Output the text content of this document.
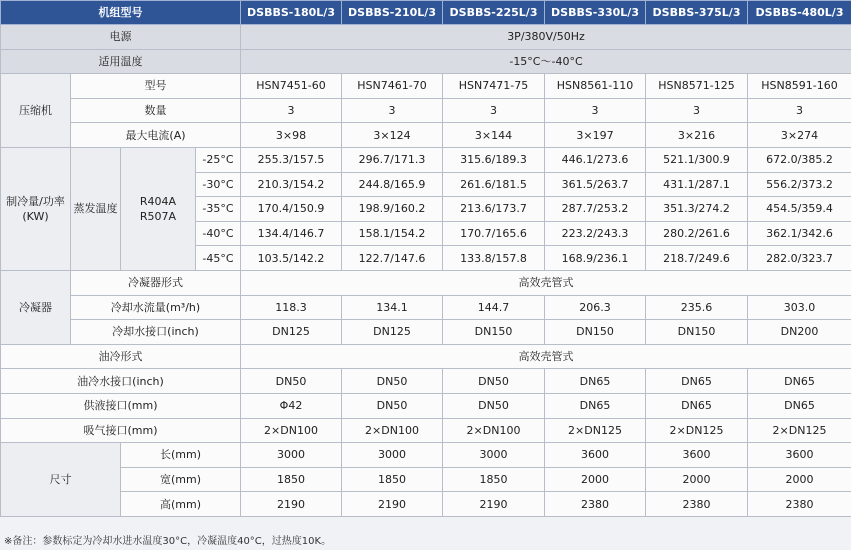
机组型号				DSBBS-180L/3	DSBBS-210L/3	DSBBS-225L/3	DSBBS-330L/3	DSBBS-375L/3	DSBBS-480L/3
电源				3P/380V/50Hz					
适用温度				-15°C～-40°C					
压缩机	型号			HSN7451-60	HSN7461-70	HSN7471-75	HSN8561-110	HSN8571-125	HSN8591-160
	数量			3	3	3	3	3	3
	最大电流(A)			3×98	3×124	3×144	3×197	3×216	3×274
制冷量/功率(KW)	蒸发温度	R404A R507A	-25°C	255.3/157.5	296.7/171.3	315.6/189.3	446.1/273.6	521.1/300.9	672.0/385.2
			-30°C	210.3/154.2	244.8/165.9	261.6/181.5	361.5/263.7	431.1/287.1	556.2/373.2
			-35°C	170.4/150.9	198.9/160.2	213.6/173.7	287.7/253.2	351.3/274.2	454.5/359.4
			-40°C	134.4/146.7	158.1/154.2	170.7/165.6	223.2/243.3	280.2/261.6	362.1/342.6
			-45°C	103.5/142.2	122.7/147.6	133.8/157.8	168.9/236.1	218.7/249.6	282.0/323.7
冷凝器	冷凝器形式			高效壳管式					
	冷却水流量(m³/h)			118.3	134.1	144.7	206.3	235.6	303.0
	冷却水接口(inch)			DN125	DN125	DN150	DN150	DN150	DN200
油冷形式				高效壳管式					
油冷水接口(inch)				DN50	DN50	DN50	DN65	DN65	DN65
供液接口(mm)				Φ42	DN50	DN50	DN65	DN65	DN65
吸气接口(mm)				2×DN100	2×DN100	2×DN100	2×DN125	2×DN125	2×DN125
尺寸		长(mm)		3000	3000	3000	3600	3600	3600
		宽(mm)		1850	1850	1850	2000	2000	2000
		高(mm)		2190	2190	2190	2380	2380	2380
※备注：参数标定为冷却水进水温度30°C，冷凝温度40°C，过热度10K。
